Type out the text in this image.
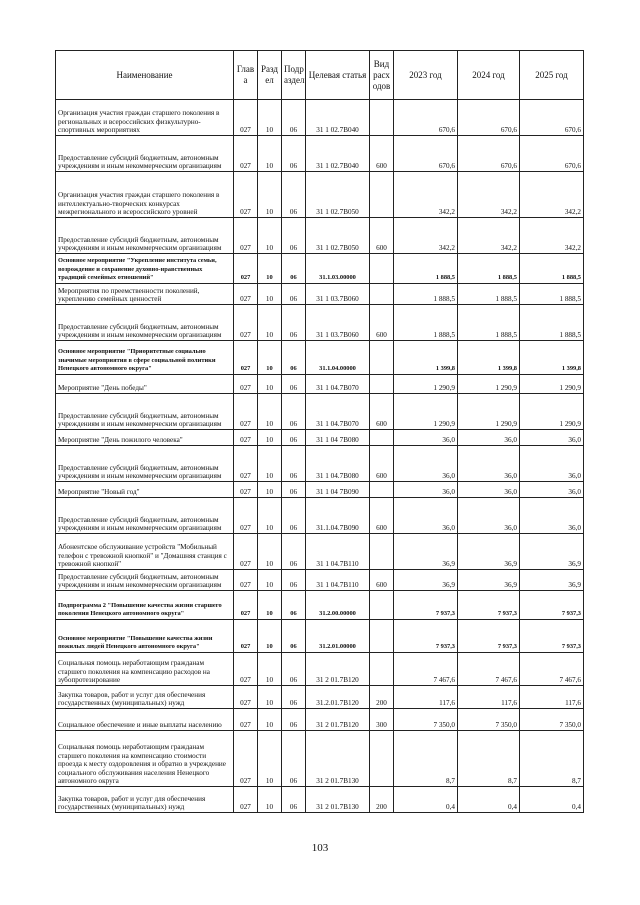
Наименование	Глав а	Разд ел	Подр аздел	Целевая статья	Вид расх одов	2023 год	2024 год	2025 год
Организация участия граждан старшего поколения в региональных и всероссийских физкультурно-спортивных мероприятиях	027	10	06	31 1 02.7В040		670,6	670,6	670,6
Предоставление субсидий бюджетным, автономным учреждениям и иным некоммерческим организациям	027	10	06	31 1 02.7В040	600	670,6	670,6	670,6
Организация участия граждан старшего поколения в интеллектуально-творческих конкурсах межрегионального и всероссийского уровней	027	10	06	31 1 02.7В050		342,2	342,2	342,2
Предоставление субсидий бюджетным, автономным учреждениям и иным некоммерческим организациям	027	10	06	31 1 02.7В050	600	342,2	342,2	342,2
Основное мероприятие "Укрепление института семьи, возрождение и сохранение духовно-нравственных традиций семейных отношений"	027	10	06	31.1.03.00000		1 888,5	1 888,5	1 888,5
Мероприятия по преемственности поколений, укреплению семейных ценностей	027	10	06	31 1 03.7В060		1 888,5	1 888,5	1 888,5
Предоставление субсидий бюджетным, автономным учреждениям и иным некоммерческим организациям	027	10	06	31 1 03.7В060	600	1 888,5	1 888,5	1 888,5
Основное мероприятие "Приоритетные социально значимые мероприятия в сфере социальной политики Ненецкого автономного округа"	027	10	06	31.1.04.00000		1 399,8	1 399,8	1 399,8
Мероприятие "День победы"	027	10	06	31 1 04.7В070		1 290,9	1 290,9	1 290,9
Предоставление субсидий бюджетным, автономным учреждениям и иным некоммерческим организациям	027	10	06	31 1 04.7В070	600	1 290,9	1 290,9	1 290,9
Мероприятие "День пожилого человека"	027	10	06	31 1 04 7В080		36,0	36,0	36,0
Предоставление субсидий бюджетным, автономным учреждениям и иным некоммерческим организациям	027	10	06	31 1 04.7В080	600	36,0	36,0	36,0
Мероприятие "Новый год"	027	10	06	31 1 04 7В090		36,0	36,0	36,0
Предоставление субсидий бюджетным, автономным учреждениям и иным некоммерческим организациям	027	10	06	31.1.04.7В090	600	36,0	36,0	36,0
Абонентское обслуживание устройств "Мобильный телефон с тревожной кнопкой" и "Домашняя станция с тревожной кнопкой"	027	10	06	31 1 04.7В110		36,9	36,9	36,9
Предоставление субсидий бюджетным, автономным учреждениям и иным некоммерческим организациям	027	10	06	31 1 04.7В110	600	36,9	36,9	36,9
Подпрограмма 2 "Повышение качества жизни старшего поколения Ненецкого автономного округа"	027	10	06	31.2.00.00000		7 937,3	7 937,3	7 937,3
Основное мероприятие "Повышение качества жизни пожилых людей Ненецкого автономного округа"	027	10	06	31.2.01.00000		7 937,3	7 937,3	7 937,3
Социальная помощь неработающим гражданам старшего поколения на компенсацию расходов на зубопротезирование	027	10	06	31 2 01.7В120		7 467,6	7 467,6	7 467,6
Закупка товаров, работ и услуг для обеспечения государственных (муниципальных) нужд	027	10	06	31.2.01.7В120	200	117,6	117,6	117,6
Социальное обеспечение и иные выплаты населению	027	10	06	31 2 01.7В120	300	7 350,0	7 350,0	7 350,0
Социальная помощь неработающим гражданам старшего поколения на компенсацию стоимости проезда к месту оздоровления и обратно в учреждение социального обслуживания населения Ненецкого автономного округа	027	10	06	31 2 01.7В130		8,7	8,7	8,7
Закупка товаров, работ и услуг для обеспечения государственных (муниципальных) нужд	027	10	06	31 2 01.7В130	200	0,4	0,4	0,4
103
